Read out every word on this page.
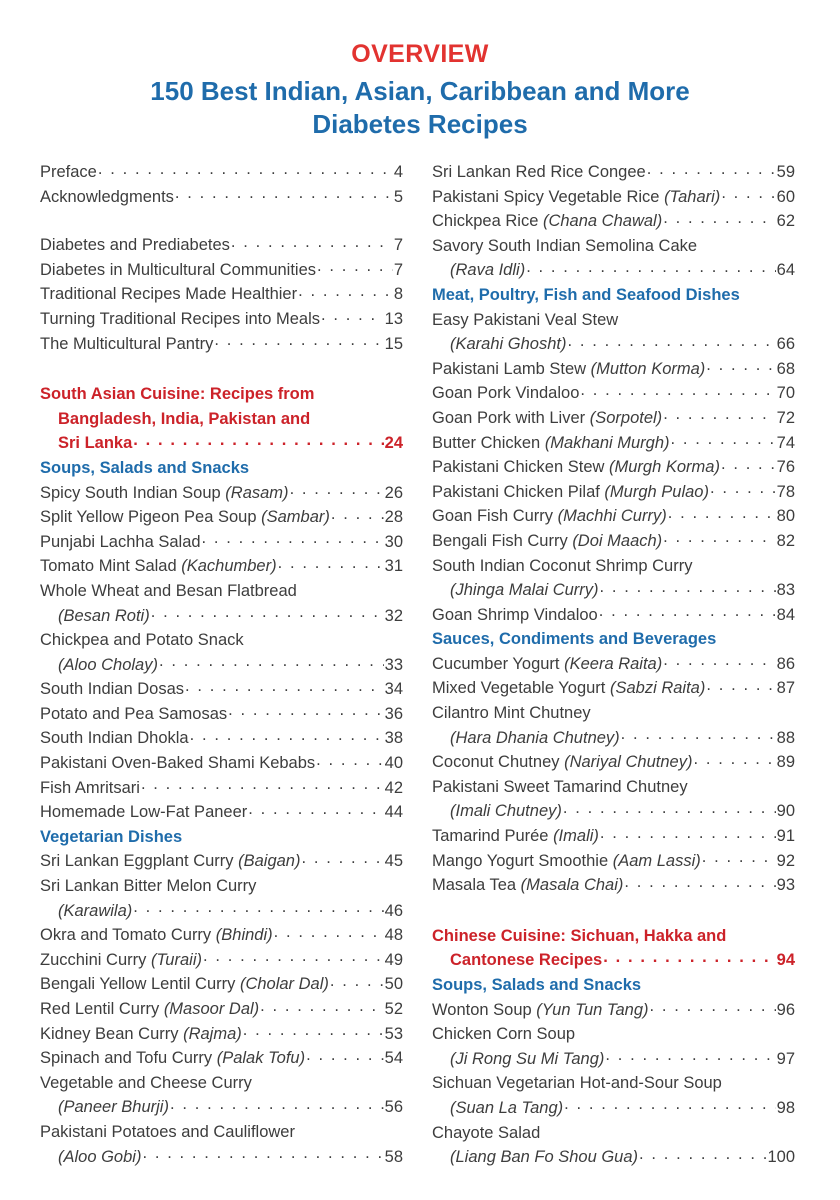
OVERVIEW
150 Best Indian, Asian, Caribbean and More
Diabetes Recipes
Preface . . .	4
Acknowledgments . . .	5
Diabetes and Prediabetes . . .	7
Diabetes in Multicultural Communities . . .	7
Traditional Recipes Made Healthier . . .	8
Turning Traditional Recipes into Meals . . .	13
The Multicultural Pantry . . .	15
South Asian Cuisine: Recipes from
Bangladesh, India, Pakistan and
Sri Lanka . . .	24
Soups, Salads and Snacks
Spicy South Indian Soup (Rasam) . . .	26
Split Yellow Pigeon Pea Soup (Sambar) . . .	28
Punjabi Lachha Salad . . .	30
Tomato Mint Salad (Kachumber) . . .	31
Whole Wheat and Besan Flatbread
(Besan Roti) . . .	32
Chickpea and Potato Snack
(Aloo Cholay) . . .	33
South Indian Dosas . . .	34
Potato and Pea Samosas . . .	36
South Indian Dhokla . . .	38
Pakistani Oven-Baked Shami Kebabs . . .	40
Fish Amritsari . . .	42
Homemade Low-Fat Paneer . . .	44
Vegetarian Dishes
Sri Lankan Eggplant Curry (Baigan) . . .	45
Sri Lankan Bitter Melon Curry
(Karawila) . . .	46
Okra and Tomato Curry (Bhindi) . . .	48
Zucchini Curry (Turaii) . . .	49
Bengali Yellow Lentil Curry (Cholar Dal) . . .	50
Red Lentil Curry (Masoor Dal) . . .	52
Kidney Bean Curry (Rajma) . . .	53
Spinach and Tofu Curry (Palak Tofu) . . .	54
Vegetable and Cheese Curry
(Paneer Bhurji) . . .	56
Pakistani Potatoes and Cauliflower
(Aloo Gobi) . . .	58
Sri Lankan Red Rice Congee . . .	59
Pakistani Spicy Vegetable Rice (Tahari) . . .	60
Chickpea Rice (Chana Chawal) . . .	62
Savory South Indian Semolina Cake
(Rava Idli) . . .	64
Meat, Poultry, Fish and Seafood Dishes
Easy Pakistani Veal Stew
(Karahi Ghosht) . . .	66
Pakistani Lamb Stew (Mutton Korma) . . .	68
Goan Pork Vindaloo . . .	70
Goan Pork with Liver (Sorpotel) . . .	72
Butter Chicken (Makhani Murgh) . . .	74
Pakistani Chicken Stew (Murgh Korma) . . .	76
Pakistani Chicken Pilaf (Murgh Pulao) . . .	78
Goan Fish Curry (Machhi Curry) . . .	80
Bengali Fish Curry (Doi Maach) . . .	82
South Indian Coconut Shrimp Curry
(Jhinga Malai Curry) . . .	83
Goan Shrimp Vindaloo . . .	84
Sauces, Condiments and Beverages
Cucumber Yogurt (Keera Raita) . . .	86
Mixed Vegetable Yogurt (Sabzi Raita) . . .	87
Cilantro Mint Chutney
(Hara Dhania Chutney) . . .	88
Coconut Chutney (Nariyal Chutney) . . .	89
Pakistani Sweet Tamarind Chutney
(Imali Chutney) . . .	90
Tamarind Purée (Imali) . . .	91
Mango Yogurt Smoothie (Aam Lassi) . . .	92
Masala Tea (Masala Chai) . . .	93
Chinese Cuisine: Sichuan, Hakka and
Cantonese Recipes . . .	94
Soups, Salads and Snacks
Wonton Soup (Yun Tun Tang) . . .	96
Chicken Corn Soup
(Ji Rong Su Mi Tang) . . .	97
Sichuan Vegetarian Hot-and-Sour Soup
(Suan La Tang) . . .	98
Chayote Salad
(Liang Ban Fo Shou Gua) . . .	100
